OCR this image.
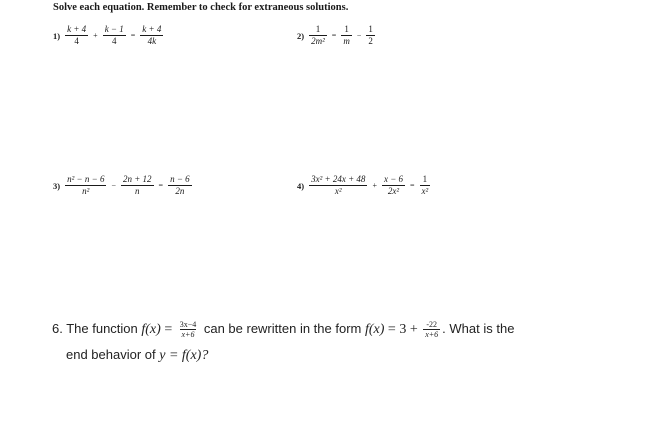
Solve each equation. Remember to check for extraneous solutions.
$1) \frac{k + 4}{4} + \frac{k - 1}{4} = \frac{k + 4}{4k}$	$2) \frac{1}{\text{2m²}} = \frac{1}{m} - \frac{1}{2}$
$3) \frac{\text{n² − n − 6}}{\text{n²}} - \frac{2n + 12}{n} = \frac{n - 6}{2n}$	$4) \frac{\text{3x² + 24x + 48}}{\text{x²}} + \frac{x - 6}{\text{2x²}} = \frac{1}{\text{x²}}$
6. The function $f(x) = \frac{3x-4}{x+6}$ can be rewritten in the form $f(x) = 3 + \frac{-22}{x+6}$ . What is the
end behavior of y = f(x)?
